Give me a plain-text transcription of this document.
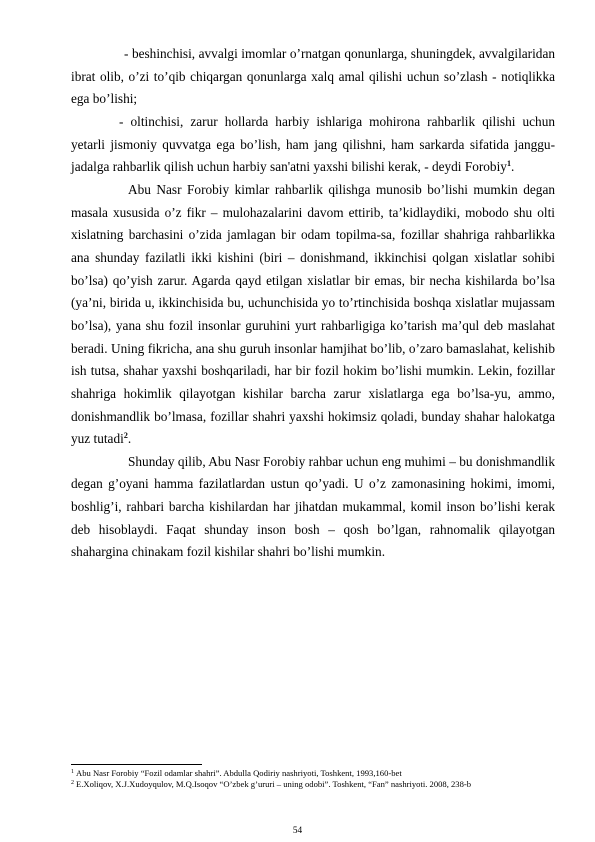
- beshinchisi, avvalgi imomlar o’rnatgan qonunlarga, shuningdek, avvalgilaridan ibrat olib, o’zi to’qib chiqargan qonunlarga xalq amal qilishi uchun so’zlash - notiqlikka ega bo’lishi;

- oltinchisi, zarur hollarda harbiy ishlariga mohirona rahbarlik qilishi uchun yetarli jismoniy quvvatga ega bo’lish, ham jang qilishni, ham sarkarda sifatida janggu-jadalga rahbarlik qilish uchun harbiy san'atni yaxshi bilishi kerak, - deydi Forobiy$^1$.

Abu Nasr Forobiy kimlar rahbarlik qilishga munosib bo’lishi mumkin degan masala xususida o’z fikr – mulohazalarini davom ettirib, ta’kidlaydiki, mobodo shu olti xislatning barchasini o’zida jamlagan bir odam topilma-sa, fozillar shahriga rahbarlikka ana shunday fazilatli ikki kishini (biri – donishmand, ikkinchisi qolgan xislatlar sohibi bo’lsa) qo’yish zarur. Agarda qayd etilgan xislatlar bir emas, bir necha kishilarda bo’lsa (ya’ni, birida u, ikkinchisida bu, uchunchisida yo to’rtinchisida boshqa xislatlar mujassam bo’lsa), yana shu fozil insonlar guruhini yurt rahbarligiga ko’tarish ma’qul deb maslahat beradi. Uning fikricha, ana shu guruh insonlar hamjihat bo’lib, o’zaro bamaslahat, kelishib ish tutsa, shahar yaxshi boshqariladi, har bir fozil hokim bo’lishi mumkin. Lekin, fozillar shahriga hokimlik qilayotgan kishilar barcha zarur xislatlarga ega bo’lsa-yu, ammo, donishmandlik bo’lmasa, fozillar shahri yaxshi hokimsiz qoladi, bunday shahar halokatga yuz tutadi$^2$.

Shunday qilib, Abu Nasr Forobiy rahbar uchun eng muhimi – bu donishmandlik degan g’oyani hamma fazilatlardan ustun qo’yadi. U o’z zamonasining hokimi, imomi, boshlig’i, rahbari barcha kishilardan har jihatdan mukammal, komil inson bo’lishi kerak deb hisoblaydi. Faqat shunday inson bosh – qosh bo’lgan, rahnomalik qilayotgan shahargina chinakam fozil kishilar shahri bo’lishi mumkin.

$^1$ Abu Nasr Forobiy “Fozil odamlar shahri”. Abdulla Qodiriy nashriyoti, Toshkent, 1993,160-bet

$^2$ E.Xoliqov, X.J.Xudoyqulov, M.Q.Isoqov “O’zbek g’ururi – uning odobi”. Toshkent, “Fan” nashriyoti. 2008, 238-b

54
